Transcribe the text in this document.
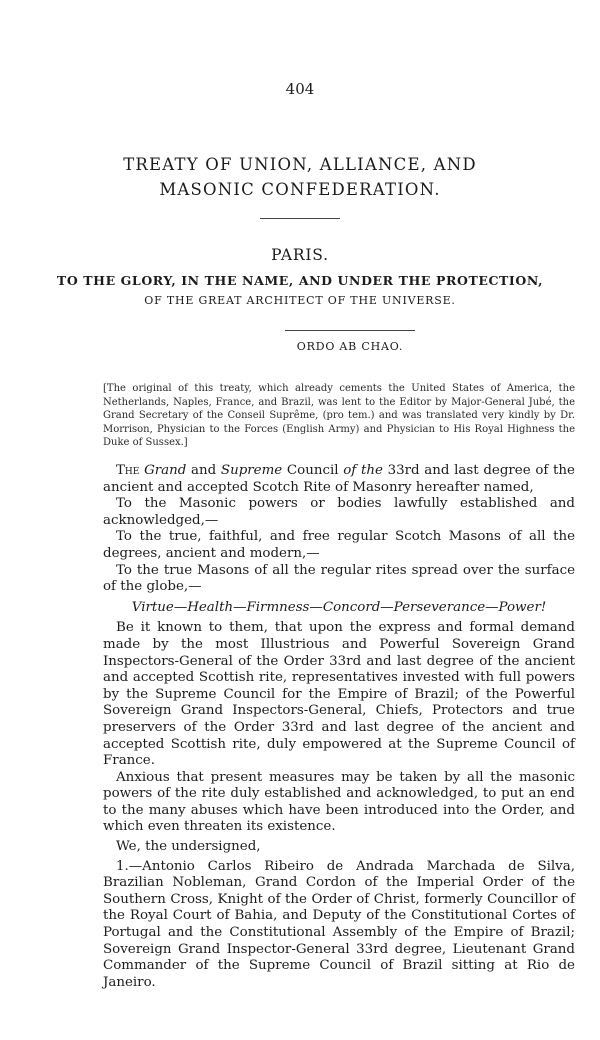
404
TREATY OF UNION, ALLIANCE, AND MASONIC CONFEDERATION.
PARIS.
TO THE GLORY, IN THE NAME, AND UNDER THE PROTECTION,
OF THE GREAT ARCHITECT OF THE UNIVERSE.
ORDO AB CHAO.
[The original of this treaty, which already cements the United States of America, the Netherlands, Naples, France, and Brazil, was lent to the Editor by Major-General Jubé, the Grand Secretary of the Conseil Suprême, (pro tem.) and was translated very kindly by Dr. Morrison, Physician to the Forces (English Army) and Physician to His Royal Highness the Duke of Sussex.]

The Grand and Supreme Council of the 33rd and last degree of the ancient and accepted Scotch Rite of Masonry hereafter named,

To the Masonic powers or bodies lawfully established and acknowledged,—

To the true, faithful, and free regular Scotch Masons of all the degrees, ancient and modern,—

To the true Masons of all the regular rites spread over the surface of the globe,—

Virtue—Health—Firmness—Concord—Perseverance—Power!

Be it known to them, that upon the express and formal demand made by the most Illustrious and Powerful Sovereign Grand Inspectors-General of the Order 33rd and last degree of the ancient and accepted Scottish rite, representatives invested with full powers by the Supreme Council for the Empire of Brazil; of the Powerful Sovereign Grand Inspectors-General, Chiefs, Protectors and true preservers of the Order 33rd and last degree of the ancient and accepted Scottish rite, duly empowered at the Supreme Council of France.

Anxious that present measures may be taken by all the masonic powers of the rite duly established and acknowledged, to put an end to the many abuses which have been introduced into the Order, and which even threaten its existence.

We, the undersigned,

1.—Antonio Carlos Ribeiro de Andrada Marchada de Silva, Brazilian Nobleman, Grand Cordon of the Imperial Order of the Southern Cross, Knight of the Order of Christ, formerly Councillor of the Royal Court of Bahia, and Deputy of the Constitutional Cortes of Portugal and the Constitutional Assembly of the Empire of Brazil; Sovereign Grand Inspector-General 33rd degree, Lieutenant Grand Commander of the Supreme Council of Brazil sitting at Rio de Janeiro.
